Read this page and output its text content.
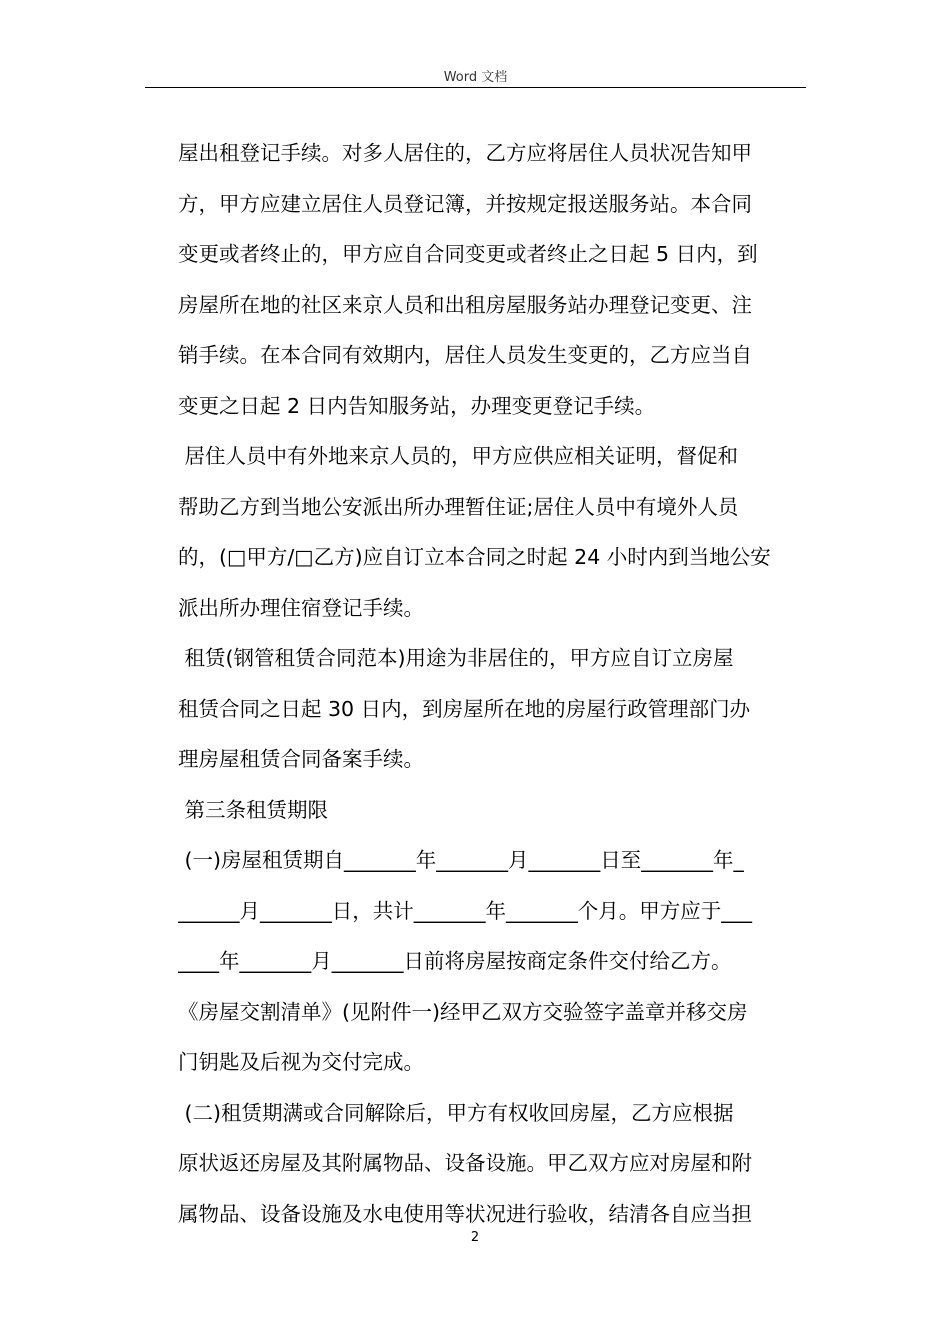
Word 文档
屋出租登记手续。对多人居住的，乙方应将居住人员状况告知甲
方，甲方应建立居住人员登记簿，并按规定报送服务站。本合同
变更或者终止的，甲方应自合同变更或者终止之日起 5 日内，到
房屋所在地的社区来京人员和出租房屋服务站办理登记变更、注
销手续。在本合同有效期内，居住人员发生变更的，乙方应当自
变更之日起 2 日内告知服务站，办理变更登记手续。
居住人员中有外地来京人员的，甲方应供应相关证明，督促和
帮助乙方到当地公安派出所办理暂住证;居住人员中有境外人员
的，(□甲方/□乙方)应自订立本合同之时起 24 小时内到当地公安
派出所办理住宿登记手续。
租赁(钢管租赁合同范本)用途为非居住的，甲方应自订立房屋
租赁合同之日起 30 日内，到房屋所在地的房屋行政管理部门办
理房屋租赁合同备案手续。
第三条租赁期限
(一)房屋租赁期自_______年_______月_______日至_______年_
______月_______日，共计_______年_______个月。甲方应于___
____年_______月_______日前将房屋按商定条件交付给乙方。
《房屋交割清单》(见附件一)经甲乙双方交验签字盖章并移交房
门钥匙及后视为交付完成。
(二)租赁期满或合同解除后，甲方有权收回房屋，乙方应根据
原状返还房屋及其附属物品、设备设施。甲乙双方应对房屋和附
属物品、设备设施及水电使用等状况进行验收，结清各自应当担
2
